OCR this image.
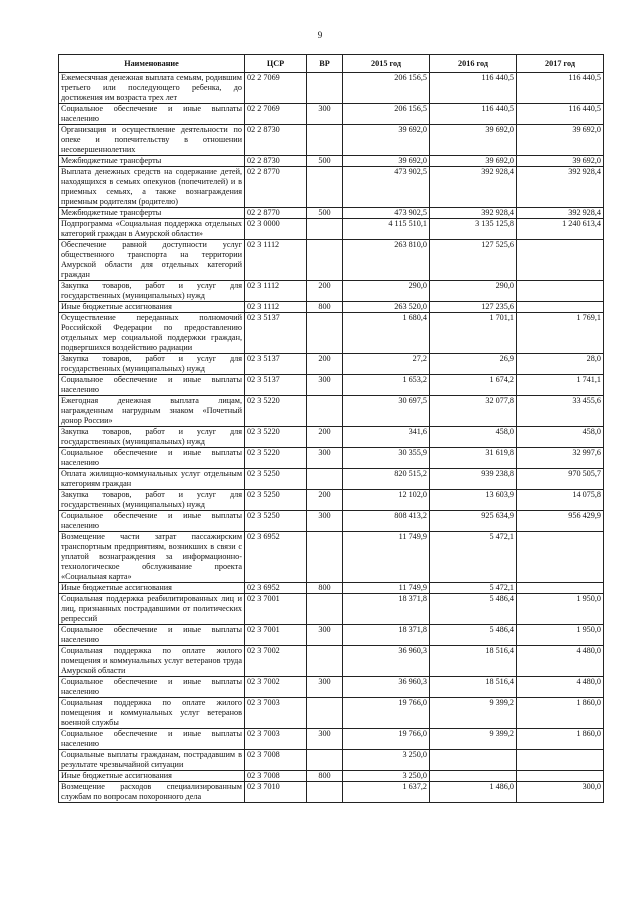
9
Наименование	ЦСР	ВР	2015 год	2016 год	2017 год
Ежемесячная денежная выплата семьям, родившим третьего или последующего ребенка, до достижения им возраста трех лет	02 2 7069		206 156,5	116 440,5	116 440,5
Социальное обеспечение и иные выплаты населению	02 2 7069	300	206 156,5	116 440,5	116 440,5
Организация и осуществление деятельности по опеке и попечительству в отношении несовершеннолетних	02 2 8730		39 692,0	39 692,0	39 692,0
Межбюджетные трансферты	02 2 8730	500	39 692,0	39 692,0	39 692,0
Выплата денежных средств на содержание детей, находящихся в семьях опекунов (попечителей) и в приемных семьях, а также вознаграждения приемным родителям (родителю)	02 2 8770		473 902,5	392 928,4	392 928,4
Межбюджетные трансферты	02 2 8770	500	473 902,5	392 928,4	392 928,4
Подпрограмма «Социальная поддержка отдельных категорий граждан в Амурской области»	02 3 0000		4 115 510,1	3 135 125,8	1 240 613,4
Обеспечение равной доступности услуг общественного транспорта на территории Амурской области для отдельных категорий граждан	02 3 1112		263 810,0	127 525,6	
Закупка товаров, работ и услуг для государственных (муниципальных) нужд	02 3 1112	200	290,0	290,0	
Иные бюджетные ассигнования	02 3 1112	800	263 520,0	127 235,6	
Осуществление переданных полномочий Российской Федерации по предоставлению отдельных мер социальной поддержки граждан, подвергшихся воздействию радиации	02 3 5137		1 680,4	1 701,1	1 769,1
Закупка товаров, работ и услуг для государственных (муниципальных) нужд	02 3 5137	200	27,2	26,9	28,0
Социальное обеспечение и иные выплаты населению	02 3 5137	300	1 653,2	1 674,2	1 741,1
Ежегодная денежная выплата лицам, награжденным нагрудным знаком «Почетный донор России»	02 3 5220		30 697,5	32 077,8	33 455,6
Закупка товаров, работ и услуг для государственных (муниципальных) нужд	02 3 5220	200	341,6	458,0	458,0
Социальное обеспечение и иные выплаты населению	02 3 5220	300	30 355,9	31 619,8	32 997,6
Оплата жилищно-коммунальных услуг отдельным категориям граждан	02 3 5250		820 515,2	939 238,8	970 505,7
Закупка товаров, работ и услуг для государственных (муниципальных) нужд	02 3 5250	200	12 102,0	13 603,9	14 075,8
Социальное обеспечение и иные выплаты населению	02 3 5250	300	808 413,2	925 634,9	956 429,9
Возмещение части затрат пассажирским транспортным предприятиям, возникших в связи с уплатой вознаграждения за информационно-технологическое обслуживание проекта «Социальная карта»	02 3 6952		11 749,9	5 472,1	
Иные бюджетные ассигнования	02 3 6952	800	11 749,9	5 472,1	
Социальная поддержка реабилитированных лиц и лиц, признанных пострадавшими от политических репрессий	02 3 7001		18 371,8	5 486,4	1 950,0
Социальное обеспечение и иные выплаты населению	02 3 7001	300	18 371,8	5 486,4	1 950,0
Социальная поддержка по оплате жилого помещения и коммунальных услуг ветеранов труда Амурской области	02 3 7002		36 960,3	18 516,4	4 480,0
Социальное обеспечение и иные выплаты населению	02 3 7002	300	36 960,3	18 516,4	4 480,0
Социальная поддержка по оплате жилого помещения и коммунальных услуг ветеранов военной службы	02 3 7003		19 766,0	9 399,2	1 860,0
Социальное обеспечение и иные выплаты населению	02 3 7003	300	19 766,0	9 399,2	1 860,0
Социальные выплаты гражданам, пострадавшим в результате чрезвычайной ситуации	02 3 7008		3 250,0		
Иные бюджетные ассигнования	02 3 7008	800	3 250,0		
Возмещение расходов специализированным службам по вопросам похоронного дела	02 3 7010		1 637,2	1 486,0	300,0
